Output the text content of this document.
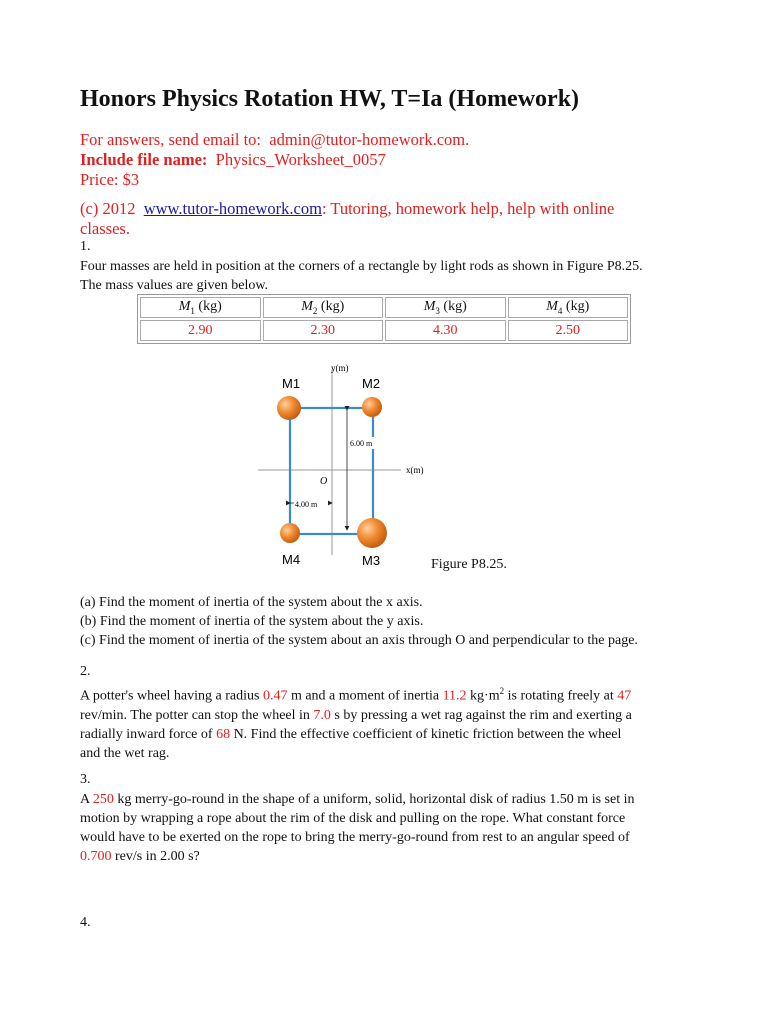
Honors Physics Rotation HW, T=Ia (Homework)
For answers, send email to: admin@tutor-homework.com.
Include file name: Physics_Worksheet_0057
Price: $3
(c) 2012 www.tutor-homework.com: Tutoring, homework help, help with online
classes.
1.
Four masses are held in position at the corners of a rectangle by light rods as shown in Figure P8.25.
The mass values are given below.
$M_1$ (kg)	$M_2$ (kg)	$M_3$ (kg)	$M_4$ (kg)
2.90	2.30	4.30	2.50
y(m)
x(m)
O
6.00 m
4.00 m
M1	M2
M3
M4	Figure P8.25.
(a) Find the moment of inertia of the system about the x axis.
(b) Find the moment of inertia of the system about the y axis.
(c) Find the moment of inertia of the system about an axis through O and perpendicular to the page.
2.
A potter's wheel having a radius 0.47 m and a moment of inertia 11.2 $kg\cdot m^2$ is rotating freely at 47
rev/min. The potter can stop the wheel in 7.0 s by pressing a wet rag against the rim and exerting a
radially inward force of 68 N. Find the effective coefficient of kinetic friction between the wheel
and the wet rag.
3.
A 250 kg merry-go-round in the shape of a uniform, solid, horizontal disk of radius 1.50 m is set in
motion by wrapping a rope about the rim of the disk and pulling on the rope. What constant force
would have to be exerted on the rope to bring the merry-go-round from rest to an angular speed of
0.700 rev/s in 2.00 s?
4.
